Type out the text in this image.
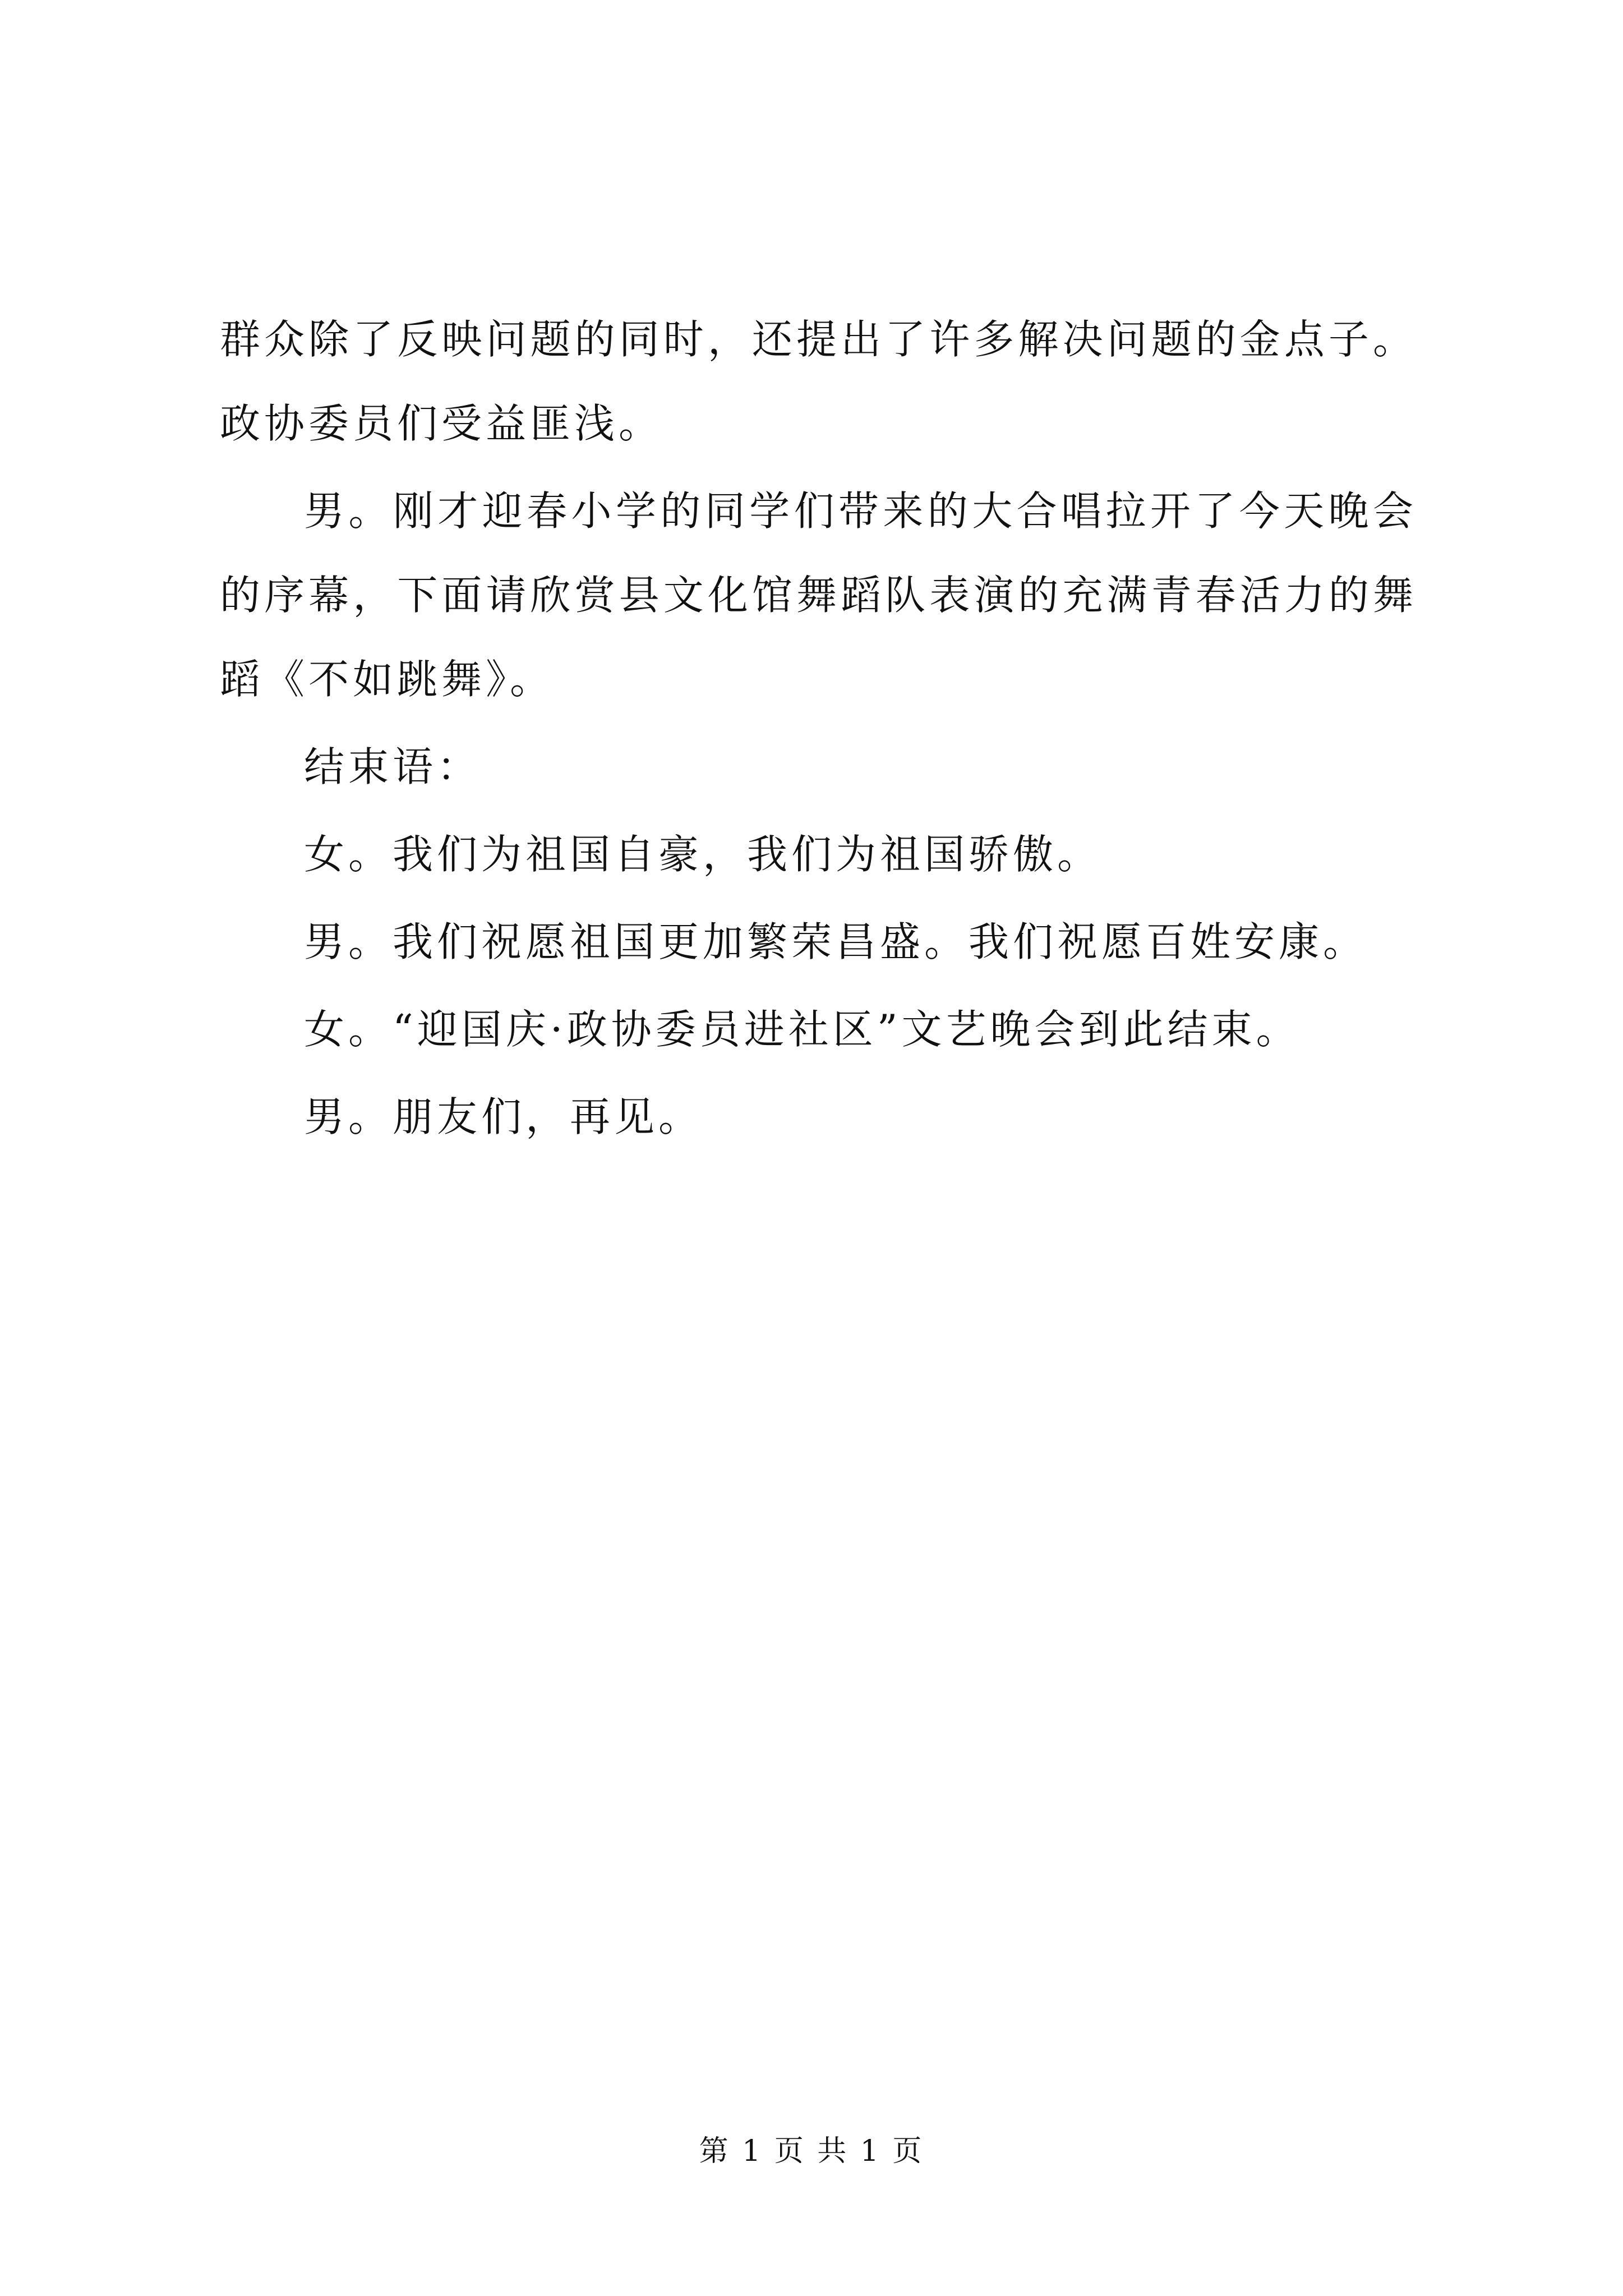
群众除了反映问题的同时，还提出了许多解决问题的金点子。政协委员们受益匪浅。

男。刚才迎春小学的同学们带来的大合唱拉开了今天晚会的序幕，下面请欣赏县文化馆舞蹈队表演的充满青春活力的舞蹈《不如跳舞》。

结束语：

女。我们为祖国自豪，我们为祖国骄傲。

男。我们祝愿祖国更加繁荣昌盛。我们祝愿百姓安康。

女。“迎国庆·政协委员进社区”文艺晚会到此结束。

男。朋友们，再见。

第 1 页 共 1 页
